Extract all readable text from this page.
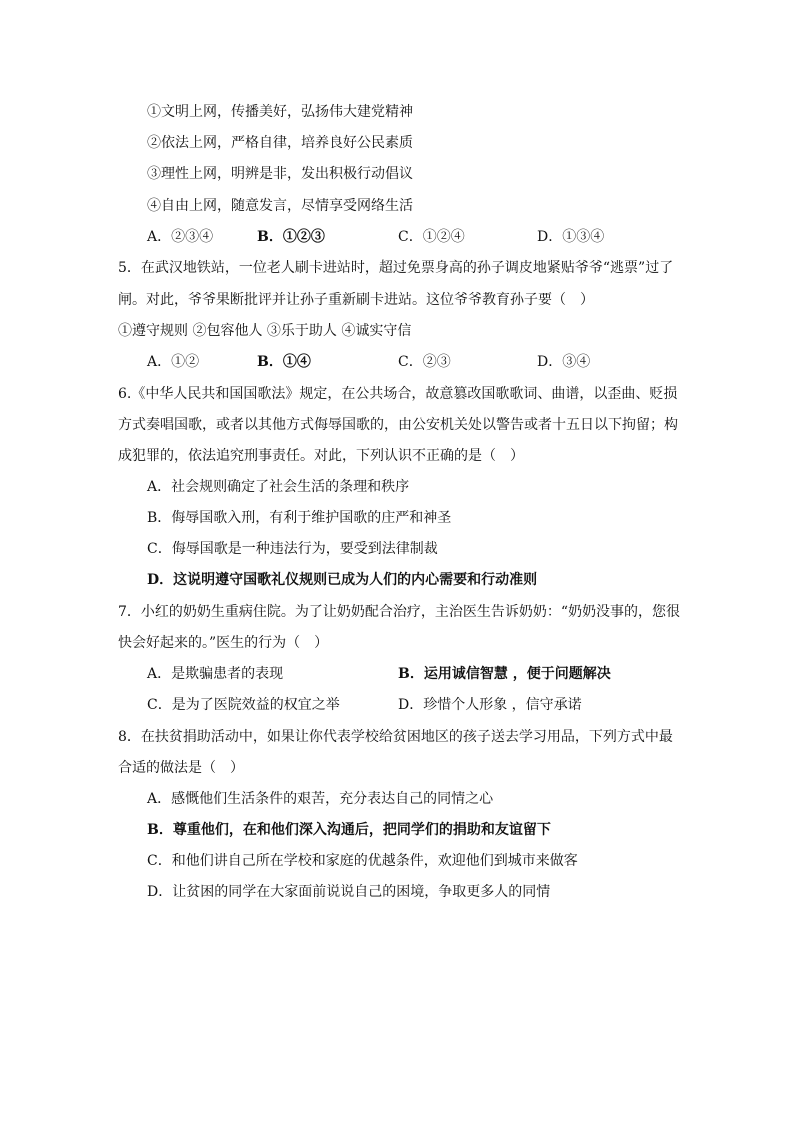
①文明上网，传播美好，弘扬伟大建党精神
②依法上网，严格自律，培养良好公民素质
③理性上网，明辨是非，发出积极行动倡议
④自由上网，随意发言，尽情享受网络生活
A．②③④	B．①②③	C．①②④	D．①③④
5．在武汉地铁站，一位老人刷卡进站时，超过免票身高的孙子调皮地紧贴爷爷“逃票”过了
闸。对此，爷爷果断批评并让孙子重新刷卡进站。这位爷爷教育孙子要（　）
①遵守规则 ②包容他人 ③乐于助人 ④诚实守信
A．①②	B．①④	C．②③	D．③④
6.《中华人民共和国国歌法》规定，在公共场合，故意篡改国歌歌词、曲谱，以歪曲、贬损
方式奏唱国歌，或者以其他方式侮辱国歌的，由公安机关处以警告或者十五日以下拘留；构
成犯罪的，依法追究刑事责任。对此，下列认识不正确的是（　）
A．社会规则确定了社会生活的条理和秩序
B．侮辱国歌入刑，有利于维护国歌的庄严和神圣
C．侮辱国歌是一种违法行为，要受到法律制裁
D．这说明遵守国歌礼仪规则已成为人们的内心需要和行动准则
7．小红的奶奶生重病住院。为了让奶奶配合治疗，主治医生告诉奶奶：“奶奶没事的，您很
快会好起来的。”医生的行为（　）
A．是欺骗患者的表现	B．运用诚信智慧 ，便于问题解决
C．是为了医院效益的权宜之举	D．珍惜个人形象 ，信守承诺
8．在扶贫捐助活动中，如果让你代表学校给贫困地区的孩子送去学习用品，下列方式中最
合适的做法是（　）
A．感慨他们生活条件的艰苦，充分表达自己的同情之心
B．尊重他们，在和他们深入沟通后，把同学们的捐助和友谊留下
C．和他们讲自己所在学校和家庭的优越条件，欢迎他们到城市来做客
D．让贫困的同学在大家面前说说自己的困境，争取更多人的同情
